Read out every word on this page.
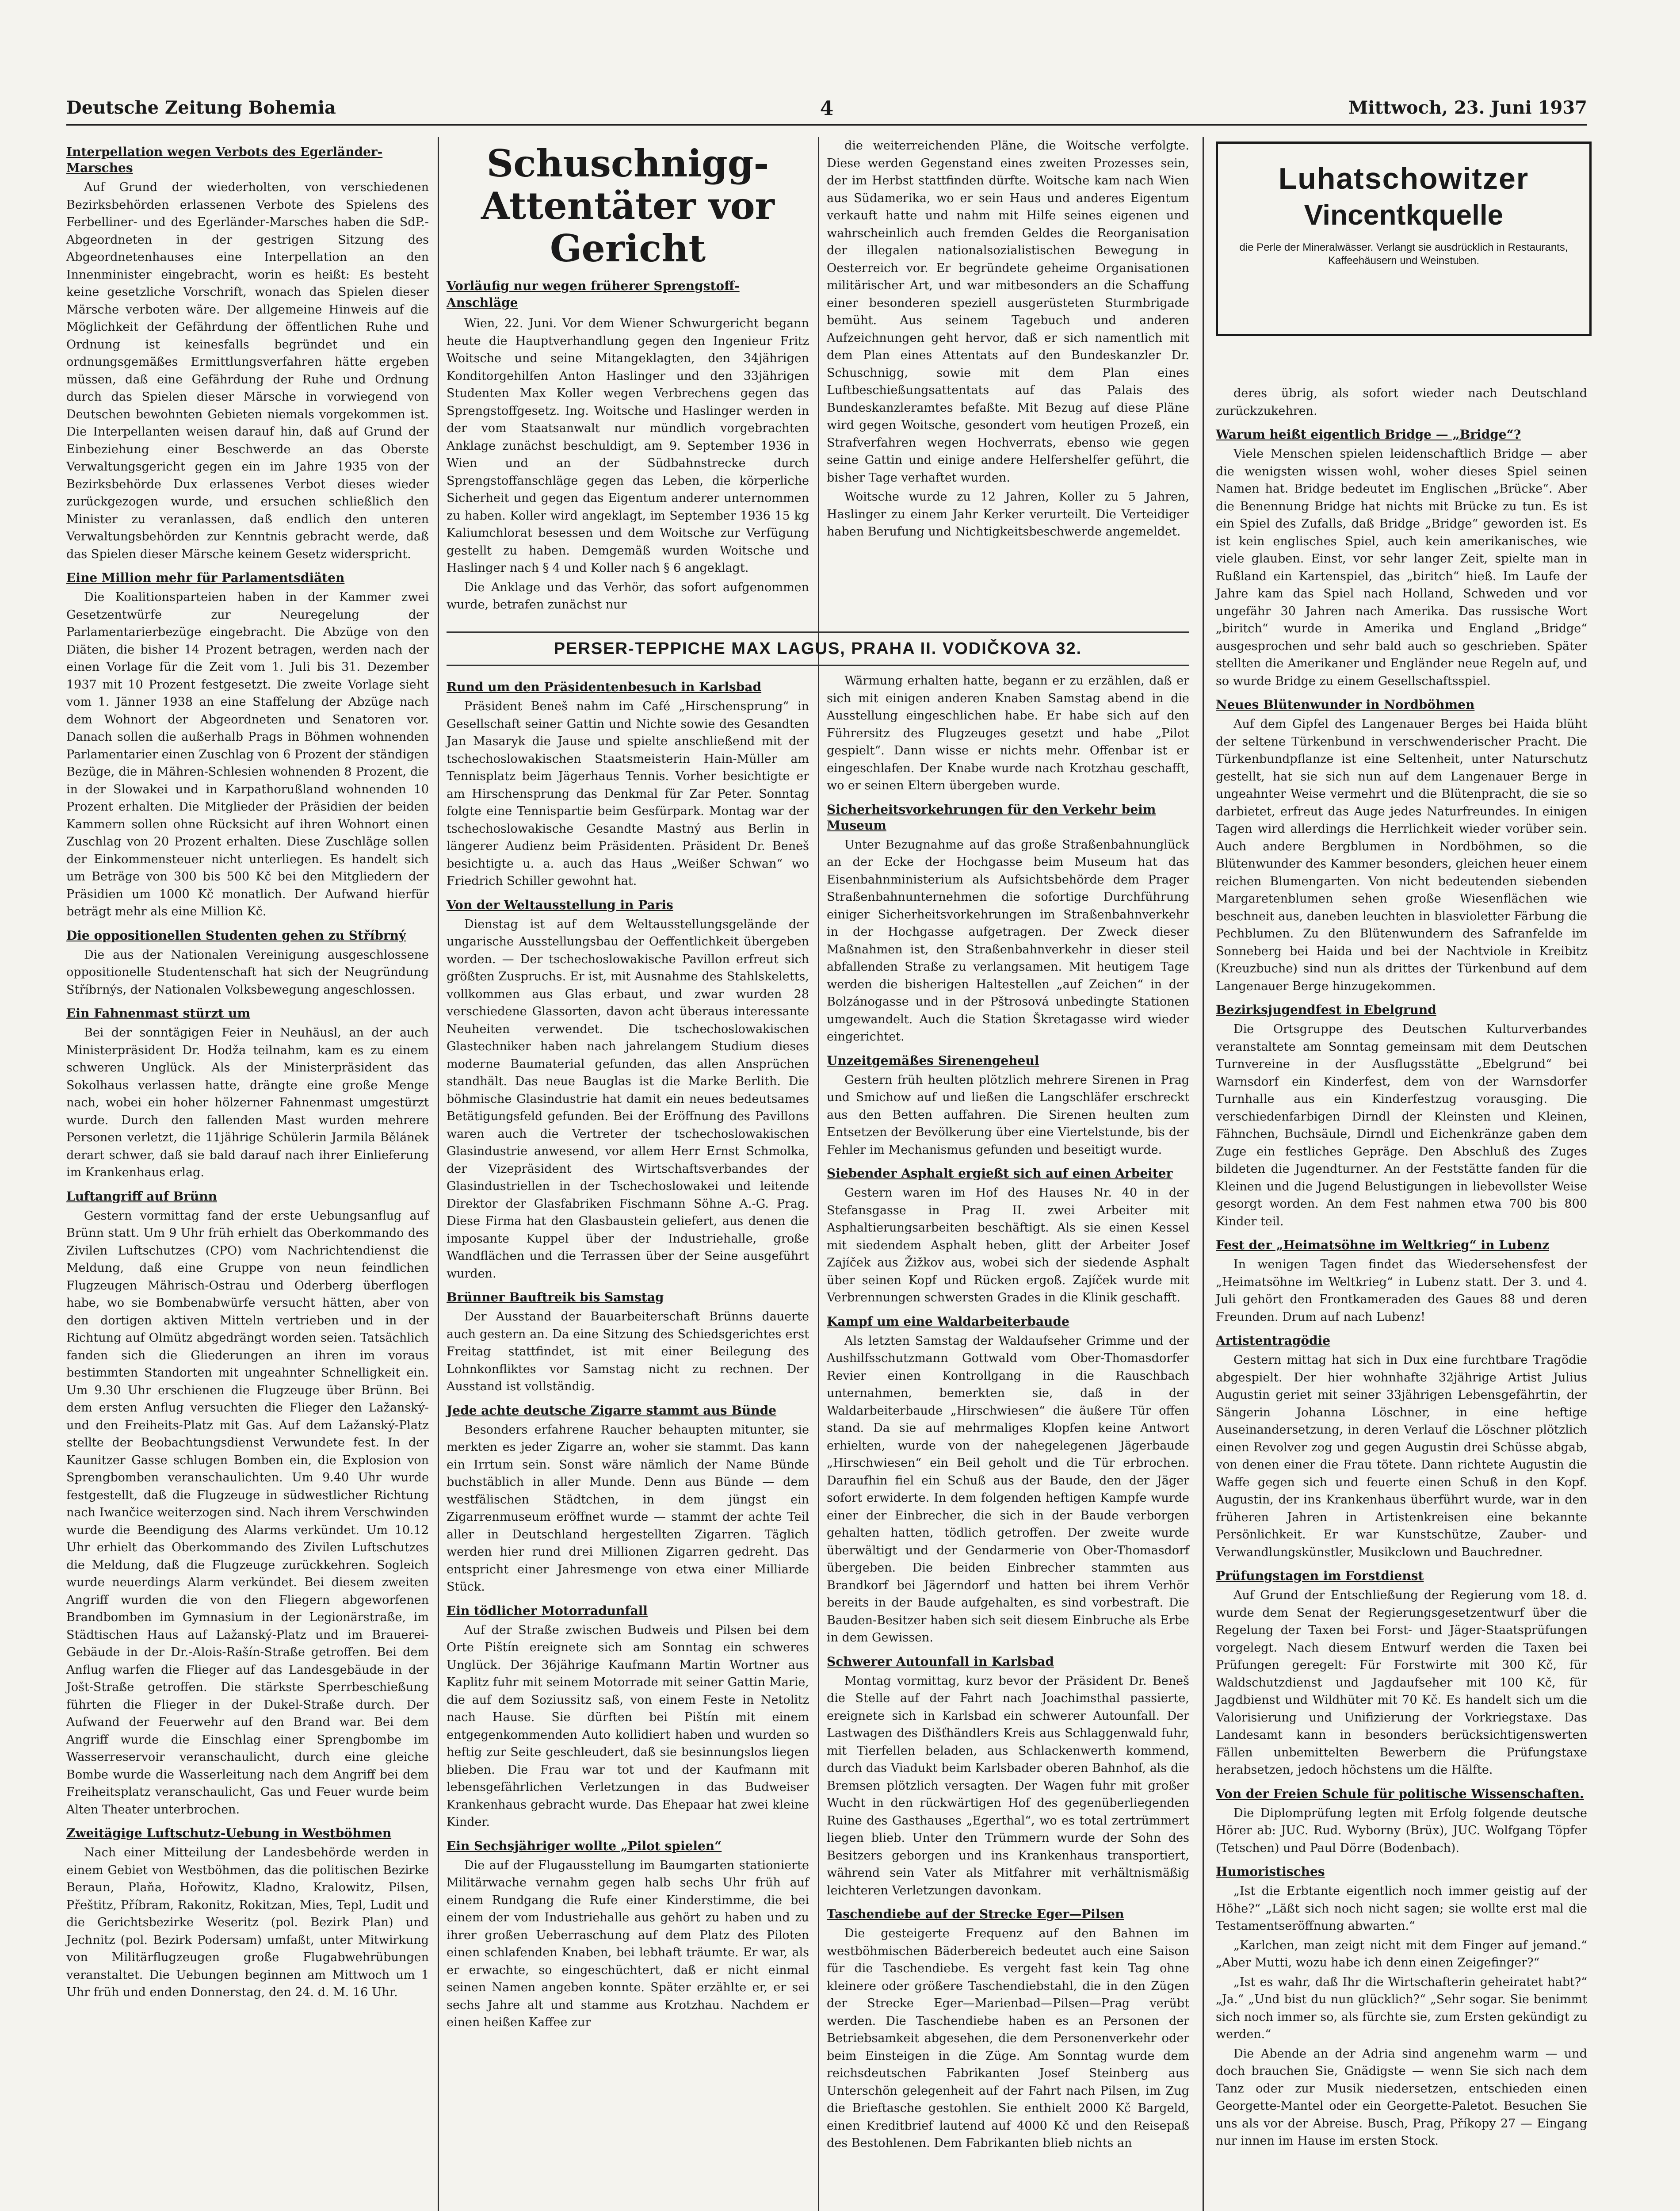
Deutsche Zeitung Bohemia	4	Mittwoch, 23. Juni 1937
Interpellation wegen Verbots des Egerländer-Marsches

Auf Grund der wiederholten, von verschiedenen Bezirksbehörden erlassenen Verbote des Spielens des Ferbelliner- und des Egerländer-Marsches haben die SdP.-Abgeordneten in der gestrigen Sitzung des Abgeordnetenhauses eine Interpellation an den Innenminister eingebracht, worin es heißt: Es besteht keine gesetzliche Vorschrift, wonach das Spielen dieser Märsche verboten wäre. Der allgemeine Hinweis auf die Möglichkeit der Gefährdung der öffentlichen Ruhe und Ordnung ist keinesfalls begründet und ein ordnungsgemäßes Ermittlungsverfahren hätte ergeben müssen, daß eine Gefährdung der Ruhe und Ordnung durch das Spielen dieser Märsche in vorwiegend von Deutschen bewohnten Gebieten niemals vorgekommen ist. Die Interpellanten weisen darauf hin, daß auf Grund der Einbeziehung einer Beschwerde an das Oberste Verwaltungsgericht gegen ein im Jahre 1935 von der Bezirksbehörde Dux erlassenes Verbot dieses wieder zurückgezogen wurde, und ersuchen schließlich den Minister zu veranlassen, daß endlich den unteren Verwaltungsbehörden zur Kenntnis gebracht werde, daß das Spielen dieser Märsche keinem Gesetz widerspricht.

Eine Million mehr für Parlamentsdiäten

Die Koalitionsparteien haben in der Kammer zwei Gesetzentwürfe zur Neuregelung der Parlamentarierbezüge eingebracht. Die Abzüge von den Diäten, die bisher 14 Prozent betragen, werden nach der einen Vorlage für die Zeit vom 1. Juli bis 31. Dezember 1937 mit 10 Prozent festgesetzt. Die zweite Vorlage sieht vom 1. Jänner 1938 an eine Staffelung der Abzüge nach dem Wohnort der Abgeordneten und Senatoren vor. Danach sollen die außerhalb Prags in Böhmen wohnenden Parlamentarier einen Zuschlag von 6 Prozent der ständigen Bezüge, die in Mähren-Schlesien wohnenden 8 Prozent, die in der Slowakei und in Karpathorußland wohnenden 10 Prozent erhalten. Die Mitglieder der Präsidien der beiden Kammern sollen ohne Rücksicht auf ihren Wohnort einen Zuschlag von 20 Prozent erhalten. Diese Zuschläge sollen der Einkommensteuer nicht unterliegen. Es handelt sich um Beträge von 300 bis 500 Kč bei den Mitgliedern der Präsidien um 1000 Kč monatlich. Der Aufwand hierfür beträgt mehr als eine Million Kč.

Die oppositionellen Studenten gehen zu Stříbrný

Die aus der Nationalen Vereinigung ausgeschlossene oppositionelle Studentenschaft hat sich der Neugründung Stříbrnýs, der Nationalen Volksbewegung angeschlossen.

Ein Fahnenmast stürzt um

Bei der sonntägigen Feier in Neuhäusl, an der auch Ministerpräsident Dr. Hodža teilnahm, kam es zu einem schweren Unglück. Als der Ministerpräsident das Sokolhaus verlassen hatte, drängte eine große Menge nach, wobei ein hoher hölzerner Fahnenmast umgestürzt wurde. Durch den fallenden Mast wurden mehrere Personen verletzt, die 11jährige Schülerin Jarmila Bělánek derart schwer, daß sie bald darauf nach ihrer Einlieferung im Krankenhaus erlag.

Luftangriff auf Brünn

Gestern vormittag fand der erste Uebungsanflug auf Brünn statt. Um 9 Uhr früh erhielt das Oberkommando des Zivilen Luftschutzes (CPO) vom Nachrichtendienst die Meldung, daß eine Gruppe von neun feindlichen Flugzeugen Mährisch-Ostrau und Oderberg überflogen habe, wo sie Bombenabwürfe versucht hätten, aber von den dortigen aktiven Mitteln vertrieben und in der Richtung auf Olmütz abgedrängt worden seien. Tatsächlich fanden sich die Gliederungen an ihren im voraus bestimmten Standorten mit ungeahnter Schnelligkeit ein. Um 9.30 Uhr erschienen die Flugzeuge über Brünn. Bei dem ersten Anflug versuchten die Flieger den Lažanský- und den Freiheits-Platz mit Gas. Auf dem Lažanský-Platz stellte der Beobachtungsdienst Verwundete fest. In der Kaunitzer Gasse schlugen Bomben ein, die Explosion von Sprengbomben veranschaulichten. Um 9.40 Uhr wurde festgestellt, daß die Flugzeuge in südwestlicher Richtung nach Iwančice weiterzogen sind. Nach ihrem Verschwinden wurde die Beendigung des Alarms verkündet. Um 10.12 Uhr erhielt das Oberkommando des Zivilen Luftschutzes die Meldung, daß die Flugzeuge zurückkehren. Sogleich wurde neuerdings Alarm verkündet. Bei diesem zweiten Angriff wurden die von den Fliegern abgeworfenen Brandbomben im Gymnasium in der Legionärstraße, im Städtischen Haus auf Lažanský-Platz und im Brauerei-Gebäude in der Dr.-Alois-Rašín-Straße getroffen. Bei dem Anflug warfen die Flieger auf das Landesgebäude in der Jošt-Straße getroffen. Die stärkste Sperrbeschießung führten die Flieger in der Dukel-Straße durch. Der Aufwand der Feuerwehr auf den Brand war. Bei dem Angriff wurde die Einschlag einer Sprengbombe im Wasserreservoir veranschaulicht, durch eine gleiche Bombe wurde die Wasserleitung nach dem Angriff bei dem Freiheitsplatz veranschaulicht, Gas und Feuer wurde beim Alten Theater unterbrochen.

Zweitägige Luftschutz-Uebung in Westböhmen

Nach einer Mitteilung der Landesbehörde werden in einem Gebiet von Westböhmen, das die politischen Bezirke Beraun, Plaňa, Hořowitz, Kladno, Kralowitz, Pilsen, Přeštitz, Příbram, Rakonitz, Rokitzan, Mies, Tepl, Ludit und die Gerichtsbezirke Weseritz (pol. Bezirk Plan) und Jechnitz (pol. Bezirk Podersam) umfaßt, unter Mitwirkung von Militärflugzeugen große Flugabwehrübungen veranstaltet. Die Uebungen beginnen am Mittwoch um 1 Uhr früh und enden Donnerstag, den 24. d. M. 16 Uhr.

Schuschnigg-Attentäter vor Gericht
Vorläufig nur wegen früherer Sprengstoff-Anschläge

Wien, 22. Juni. Vor dem Wiener Schwurgericht begann heute die Hauptverhandlung gegen den Ingenieur Fritz Woitsche und seine Mitangeklagten, den 34jährigen Konditorgehilfen Anton Haslinger und den 33jährigen Studenten Max Koller wegen Verbrechens gegen das Sprengstoffgesetz. Ing. Woitsche und Haslinger werden in der vom Staatsanwalt nur mündlich vorgebrachten Anklage zunächst beschuldigt, am 9. September 1936 in Wien und an der Südbahnstrecke durch Sprengstoffanschläge gegen das Leben, die körperliche Sicherheit und gegen das Eigentum anderer unternommen zu haben. Koller wird angeklagt, im September 1936 15 kg Kaliumchlorat besessen und dem Woitsche zur Verfügung gestellt zu haben. Demgemäß wurden Woitsche und Haslinger nach § 4 und Koller nach § 6 angeklagt.

Die Anklage und das Verhör, das sofort aufgenommen wurde, betrafen zunächst nur

die weiterreichenden Pläne, die Woitsche verfolgte. Diese werden Gegenstand eines zweiten Prozesses sein, der im Herbst stattfinden dürfte. Woitsche kam nach Wien aus Südamerika, wo er sein Haus und anderes Eigentum verkauft hatte und nahm mit Hilfe seines eigenen und wahrscheinlich auch fremden Geldes die Reorganisation der illegalen nationalsozialistischen Bewegung in Oesterreich vor. Er begründete geheime Organisationen militärischer Art, und war mitbesonders an die Schaffung einer besonderen speziell ausgerüsteten Sturmbrigade bemüht. Aus seinem Tagebuch und anderen Aufzeichnungen geht hervor, daß er sich namentlich mit dem Plan eines Attentats auf den Bundeskanzler Dr. Schuschnigg, sowie mit dem Plan eines Luftbeschießungsattentats auf das Palais des Bundeskanzleramtes befaßte. Mit Bezug auf diese Pläne wird gegen Woitsche, gesondert vom heutigen Prozeß, ein Strafverfahren wegen Hochverrats, ebenso wie gegen seine Gattin und einige andere Helfershelfer geführt, die bisher Tage verhaftet wurden.

Woitsche wurde zu 12 Jahren, Koller zu 5 Jahren, Haslinger zu einem Jahr Kerker verurteilt. Die Verteidiger haben Berufung und Nichtigkeitsbeschwerde angemeldet.

PERSER-TEPPICHE MAX LAGUS, PRAHA II. VODIČKOVA 32.
Rund um den Präsidentenbesuch in Karlsbad

Präsident Beneš nahm im Café „Hirschensprung“ in Gesellschaft seiner Gattin und Nichte sowie des Gesandten Jan Masaryk die Jause und spielte anschließend mit der tschechoslowakischen Staatsmeisterin Hain-Müller am Tennisplatz beim Jägerhaus Tennis. Vorher besichtigte er am Hirschensprung das Denkmal für Zar Peter. Sonntag folgte eine Tennispartie beim Gesfürpark. Montag war der tschechoslowakische Gesandte Mastný aus Berlin in längerer Audienz beim Präsidenten. Präsident Dr. Beneš besichtigte u. a. auch das Haus „Weißer Schwan“ wo Friedrich Schiller gewohnt hat.

Von der Weltausstellung in Paris

Dienstag ist auf dem Weltausstellungsgelände der ungarische Ausstellungsbau der Oeffentlichkeit übergeben worden. — Der tschechoslowakische Pavillon erfreut sich größten Zuspruchs. Er ist, mit Ausnahme des Stahlskeletts, vollkommen aus Glas erbaut, und zwar wurden 28 verschiedene Glassorten, davon acht überaus interessante Neuheiten verwendet. Die tschechoslowakischen Glastechniker haben nach jahrelangem Studium dieses moderne Baumaterial gefunden, das allen Ansprüchen standhält. Das neue Bauglas ist die Marke Berlith. Die böhmische Glasindustrie hat damit ein neues bedeutsames Betätigungsfeld gefunden. Bei der Eröffnung des Pavillons waren auch die Vertreter der tschechoslowakischen Glasindustrie anwesend, vor allem Herr Ernst Schmolka, der Vizepräsident des Wirtschaftsverbandes der Glasindustriellen in der Tschechoslowakei und leitende Direktor der Glasfabriken Fischmann Söhne A.-G. Prag. Diese Firma hat den Glasbaustein geliefert, aus denen die imposante Kuppel über der Industriehalle, große Wandflächen und die Terrassen über der Seine ausgeführt wurden.

Brünner Bauftreik bis Samstag

Der Ausstand der Bauarbeiterschaft Brünns dauerte auch gestern an. Da eine Sitzung des Schiedsgerichtes erst Freitag stattfindet, ist mit einer Beilegung des Lohnkonfliktes vor Samstag nicht zu rechnen. Der Ausstand ist vollständig.

Jede achte deutsche Zigarre stammt aus Bünde

Besonders erfahrene Raucher behaupten mitunter, sie merkten es jeder Zigarre an, woher sie stammt. Das kann ein Irrtum sein. Sonst wäre nämlich der Name Bünde buchstäblich in aller Munde. Denn aus Bünde — dem westfälischen Städtchen, in dem jüngst ein Zigarrenmuseum eröffnet wurde — stammt der achte Teil aller in Deutschland hergestellten Zigarren. Täglich werden hier rund drei Millionen Zigarren gedreht. Das entspricht einer Jahresmenge von etwa einer Milliarde Stück.

Ein tödlicher Motorradunfall

Auf der Straße zwischen Budweis und Pilsen bei dem Orte Pištín ereignete sich am Sonntag ein schweres Unglück. Der 36jährige Kaufmann Martin Wortner aus Kaplitz fuhr mit seinem Motorrade mit seiner Gattin Marie, die auf dem Soziussitz saß, von einem Feste in Netolitz nach Hause. Sie dürften bei Pištín mit einem entgegenkommenden Auto kollidiert haben und wurden so heftig zur Seite geschleudert, daß sie besinnungslos liegen blieben. Die Frau war tot und der Kaufmann mit lebensgefährlichen Verletzungen in das Budweiser Krankenhaus gebracht wurde. Das Ehepaar hat zwei kleine Kinder.

Ein Sechsjähriger wollte „Pilot spielen“

Die auf der Flugausstellung im Baumgarten stationierte Militärwache vernahm gegen halb sechs Uhr früh auf einem Rundgang die Rufe einer Kinderstimme, die bei einem der vom Industriehalle aus gehört zu haben und zu ihrer großen Ueberraschung auf dem Platz des Piloten einen schlafenden Knaben, bei lebhaft träumte. Er war, als er erwachte, so eingeschüchtert, daß er nicht einmal seinen Namen angeben konnte. Später erzählte er, er sei sechs Jahre alt und stamme aus Krotzhau. Nachdem er einen heißen Kaffee zur

Wärmung erhalten hatte, begann er zu erzählen, daß er sich mit einigen anderen Knaben Samstag abend in die Ausstellung eingeschlichen habe. Er habe sich auf den Führersitz des Flugzeuges gesetzt und habe „Pilot gespielt“. Dann wisse er nichts mehr. Offenbar ist er eingeschlafen. Der Knabe wurde nach Krotzhau geschafft, wo er seinen Eltern übergeben wurde.

Sicherheitsvorkehrungen für den Verkehr beim Museum

Unter Bezugnahme auf das große Straßenbahnunglück an der Ecke der Hochgasse beim Museum hat das Eisenbahnministerium als Aufsichtsbehörde dem Prager Straßenbahnunternehmen die sofortige Durchführung einiger Sicherheitsvorkehrungen im Straßenbahnverkehr in der Hochgasse aufgetragen. Der Zweck dieser Maßnahmen ist, den Straßenbahnverkehr in dieser steil abfallenden Straße zu verlangsamen. Mit heutigem Tage werden die bisherigen Haltestellen „auf Zeichen“ in der Bolzánogasse und in der Pštrosová unbedingte Stationen umgewandelt. Auch die Station Škretagasse wird wieder eingerichtet.

Unzeitgemäßes Sirenengeheul

Gestern früh heulten plötzlich mehrere Sirenen in Prag und Smichow auf und ließen die Langschläfer erschreckt aus den Betten auffahren. Die Sirenen heulten zum Entsetzen der Bevölkerung über eine Viertelstunde, bis der Fehler im Mechanismus gefunden und beseitigt wurde.

Siebender Asphalt ergießt sich auf einen Arbeiter

Gestern waren im Hof des Hauses Nr. 40 in der Stefansgasse in Prag II. zwei Arbeiter mit Asphaltierungsarbeiten beschäftigt. Als sie einen Kessel mit siedendem Asphalt heben, glitt der Arbeiter Josef Zajíček aus Žižkov aus, wobei sich der siedende Asphalt über seinen Kopf und Rücken ergoß. Zajíček wurde mit Verbrennungen schwersten Grades in die Klinik geschafft.

Kampf um eine Waldarbeiterbaude

Als letzten Samstag der Waldaufseher Grimme und der Aushilfsschutzmann Gottwald vom Ober-Thomasdorfer Revier einen Kontrollgang in die Rauschbach unternahmen, bemerkten sie, daß in der Waldarbeiterbaude „Hirschwiesen“ die äußere Tür offen stand. Da sie auf mehrmaliges Klopfen keine Antwort erhielten, wurde von der nahegelegenen Jägerbaude „Hirschwiesen“ ein Beil geholt und die Tür erbrochen. Daraufhin fiel ein Schuß aus der Baude, den der Jäger sofort erwiderte. In dem folgenden heftigen Kampfe wurde einer der Einbrecher, die sich in der Baude verborgen gehalten hatten, tödlich getroffen. Der zweite wurde überwältigt und der Gendarmerie von Ober-Thomasdorf übergeben. Die beiden Einbrecher stammten aus Brandkorf bei Jägerndorf und hatten bei ihrem Verhör bereits in der Baude aufgehalten, es sind vorbestraft. Die Bauden-Besitzer haben sich seit diesem Einbruche als Erbe in dem Gewissen.

Schwerer Autounfall in Karlsbad

Montag vormittag, kurz bevor der Präsident Dr. Beneš die Stelle auf der Fahrt nach Joachimsthal passierte, ereignete sich in Karlsbad ein schwerer Autounfall. Der Lastwagen des Dišťhändlers Kreis aus Schlaggenwald fuhr, mit Tierfellen beladen, aus Schlackenwerth kommend, durch das Viadukt beim Karlsbader oberen Bahnhof, als die Bremsen plötzlich versagten. Der Wagen fuhr mit großer Wucht in den rückwärtigen Hof des gegenüberliegenden Ruine des Gasthauses „Egerthal“, wo es total zertrümmert liegen blieb. Unter den Trümmern wurde der Sohn des Besitzers geborgen und ins Krankenhaus transportiert, während sein Vater als Mitfahrer mit verhältnismäßig leichteren Verletzungen davonkam.

Taschendiebe auf der Strecke Eger—Pilsen

Die gesteigerte Frequenz auf den Bahnen im westböhmischen Bäderbereich bedeutet auch eine Saison für die Taschendiebe. Es vergeht fast kein Tag ohne kleinere oder größere Taschendiebstahl, die in den Zügen der Strecke Eger—Marienbad—Pilsen—Prag verübt werden. Die Taschendiebe haben es an Personen der Betriebsamkeit abgesehen, die dem Personenverkehr oder beim Einsteigen in die Züge. Am Sonntag wurde dem reichsdeutschen Fabrikanten Josef Steinberg aus Unterschön gelegenheit auf der Fahrt nach Pilsen, im Zug die Brieftasche gestohlen. Sie enthielt 2000 Kč Bargeld, einen Kreditbrief lautend auf 4000 Kč und den Reisepaß des Bestohlenen. Dem Fabrikanten blieb nichts an

Luhatschowitzer
Vincentkquelle
die Perle der Mineralwässer. Verlangt sie ausdrücklich in Restaurants, Kaffeehäusern und Weinstuben.

deres übrig, als sofort wieder nach Deutschland zurückzukehren.

Warum heißt eigentlich Bridge — „Bridge“?

Viele Menschen spielen leidenschaftlich Bridge — aber die wenigsten wissen wohl, woher dieses Spiel seinen Namen hat. Bridge bedeutet im Englischen „Brücke“. Aber die Benennung Bridge hat nichts mit Brücke zu tun. Es ist ein Spiel des Zufalls, daß Bridge „Bridge“ geworden ist. Es ist kein englisches Spiel, auch kein amerikanisches, wie viele glauben. Einst, vor sehr langer Zeit, spielte man in Rußland ein Kartenspiel, das „biritch“ hieß. Im Laufe der Jahre kam das Spiel nach Holland, Schweden und vor ungefähr 30 Jahren nach Amerika. Das russische Wort „biritch“ wurde in Amerika und England „Bridge“ ausgesprochen und sehr bald auch so geschrieben. Später stellten die Amerikaner und Engländer neue Regeln auf, und so wurde Bridge zu einem Gesellschaftsspiel.

Neues Blütenwunder in Nordböhmen

Auf dem Gipfel des Langenauer Berges bei Haida blüht der seltene Türkenbund in verschwenderischer Pracht. Die Türkenbundpflanze ist eine Seltenheit, unter Naturschutz gestellt, hat sie sich nun auf dem Langenauer Berge in ungeahnter Weise vermehrt und die Blütenpracht, die sie so darbietet, erfreut das Auge jedes Naturfreundes. In einigen Tagen wird allerdings die Herrlichkeit wieder vorüber sein. Auch andere Bergblumen in Nordböhmen, so die Blütenwunder des Kammer besonders, gleichen heuer einem reichen Blumengarten. Von nicht bedeutenden siebenden Margaretenblumen sehen große Wiesenflächen wie beschneit aus, daneben leuchten in blasvioletter Färbung die Pechblumen. Zu den Blütenwundern des Safranfelde im Sonneberg bei Haida und bei der Nachtviole in Kreibitz (Kreuzbuche) sind nun als drittes der Türkenbund auf dem Langenauer Berge hinzugekommen.

Bezirksjugendfest in Ebelgrund

Die Ortsgruppe des Deutschen Kulturverbandes veranstaltete am Sonntag gemeinsam mit dem Deutschen Turnvereine in der Ausflugsstätte „Ebelgrund“ bei Warnsdorf ein Kinderfest, dem von der Warnsdorfer Turnhalle aus ein Kinderfestzug vorausging. Die verschiedenfarbigen Dirndl der Kleinsten und Kleinen, Fähnchen, Buchsäule, Dirndl und Eichenkränze gaben dem Zuge ein festliches Gepräge. Den Abschluß des Zuges bildeten die Jugendturner. An der Feststätte fanden für die Kleinen und die Jugend Belustigungen in liebevollster Weise gesorgt worden. An dem Fest nahmen etwa 700 bis 800 Kinder teil.

Fest der „Heimatsöhne im Weltkrieg“ in Lubenz

In wenigen Tagen findet das Wiedersehensfest der „Heimatsöhne im Weltkrieg“ in Lubenz statt. Der 3. und 4. Juli gehört den Frontkameraden des Gaues 88 und deren Freunden. Drum auf nach Lubenz!

Artistentragödie

Gestern mittag hat sich in Dux eine furchtbare Tragödie abgespielt. Der hier wohnhafte 32jährige Artist Julius Augustin geriet mit seiner 33jährigen Lebensgefährtin, der Sängerin Johanna Löschner, in eine heftige Auseinandersetzung, in deren Verlauf die Löschner plötzlich einen Revolver zog und gegen Augustin drei Schüsse abgab, von denen einer die Frau tötete. Dann richtete Augustin die Waffe gegen sich und feuerte einen Schuß in den Kopf. Augustin, der ins Krankenhaus überführt wurde, war in den früheren Jahren in Artistenkreisen eine bekannte Persönlichkeit. Er war Kunstschütze, Zauber- und Verwandlungskünstler, Musikclown und Bauchredner.

Prüfungstagen im Forstdienst

Auf Grund der Entschließung der Regierung vom 18. d. wurde dem Senat der Regierungsgesetzentwurf über die Regelung der Taxen bei Forst- und Jäger-Staatsprüfungen vorgelegt. Nach diesem Entwurf werden die Taxen bei Prüfungen geregelt: Für Forstwirte mit 300 Kč, für Waldschutzdienst und Jagdaufseher mit 100 Kč, für Jagdbienst und Wildhüter mit 70 Kč. Es handelt sich um die Valorisierung und Unifizierung der Vorkriegstaxe. Das Landesamt kann in besonders berücksichtigenswerten Fällen unbemittelten Bewerbern die Prüfungstaxe herabsetzen, jedoch höchstens um die Hälfte.

Von der Freien Schule für politische Wissenschaften.

Die Diplomprüfung legten mit Erfolg folgende deutsche Hörer ab: JUC. Rud. Wyborny (Brüx), JUC. Wolfgang Töpfer (Tetschen) und Paul Dörre (Bodenbach).

Humoristisches

„Ist die Erbtante eigentlich noch immer geistig auf der Höhe?“ „Läßt sich noch nicht sagen; sie wollte erst mal die Testamentseröffnung abwarten.“

„Karlchen, man zeigt nicht mit dem Finger auf jemand.“ „Aber Mutti, wozu habe ich denn einen Zeigefinger?“

„Ist es wahr, daß Ihr die Wirtschafterin geheiratet habt?“ „Ja.“ „Und bist du nun glücklich?“ „Sehr sogar. Sie benimmt sich noch immer so, als fürchte sie, zum Ersten gekündigt zu werden.“

Die Abende an der Adria sind angenehm warm — und doch brauchen Sie, Gnädigste — wenn Sie sich nach dem Tanz oder zur Musik niedersetzen, entschieden einen Georgette-Mantel oder ein Georgette-Paletot. Besuchen Sie uns als vor der Abreise. Busch, Prag, Příkopy 27 — Eingang nur innen im Hause im ersten Stock.
